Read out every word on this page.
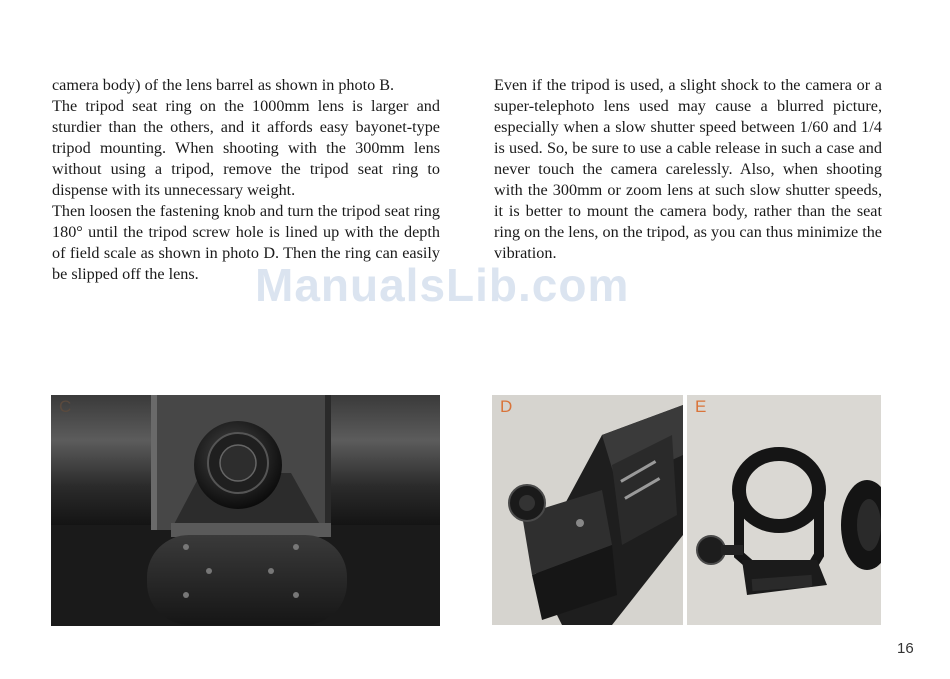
camera body) of the lens barrel as shown in photo B.

The tripod seat ring on the 1000mm lens is larger and sturdier than the others, and it affords easy bayonet-type tripod mounting. When shooting with the 300mm lens without using a tripod, remove the tripod seat ring to dispense with its unnecessary weight.

Then loosen the fastening knob and turn the tripod seat ring 180° until the tripod screw hole is lined up with the depth of field scale as shown in photo D. Then the ring can easily be slipped off the lens.

Even if the tripod is used, a slight shock to the camera or a super-telephoto lens used may cause a blurred picture, especially when a slow shutter speed between 1/60 and 1/4 is used. So, be sure to use a cable release in such a case and never touch the camera carelessly. Also, when shooting with the 300mm or zoom lens at such slow shutter speeds, it is better to mount the camera body, rather than the seat ring on the lens, on the tripod, as you can thus minimize the vibration.

ManualsLib.com
C	D	E
16
